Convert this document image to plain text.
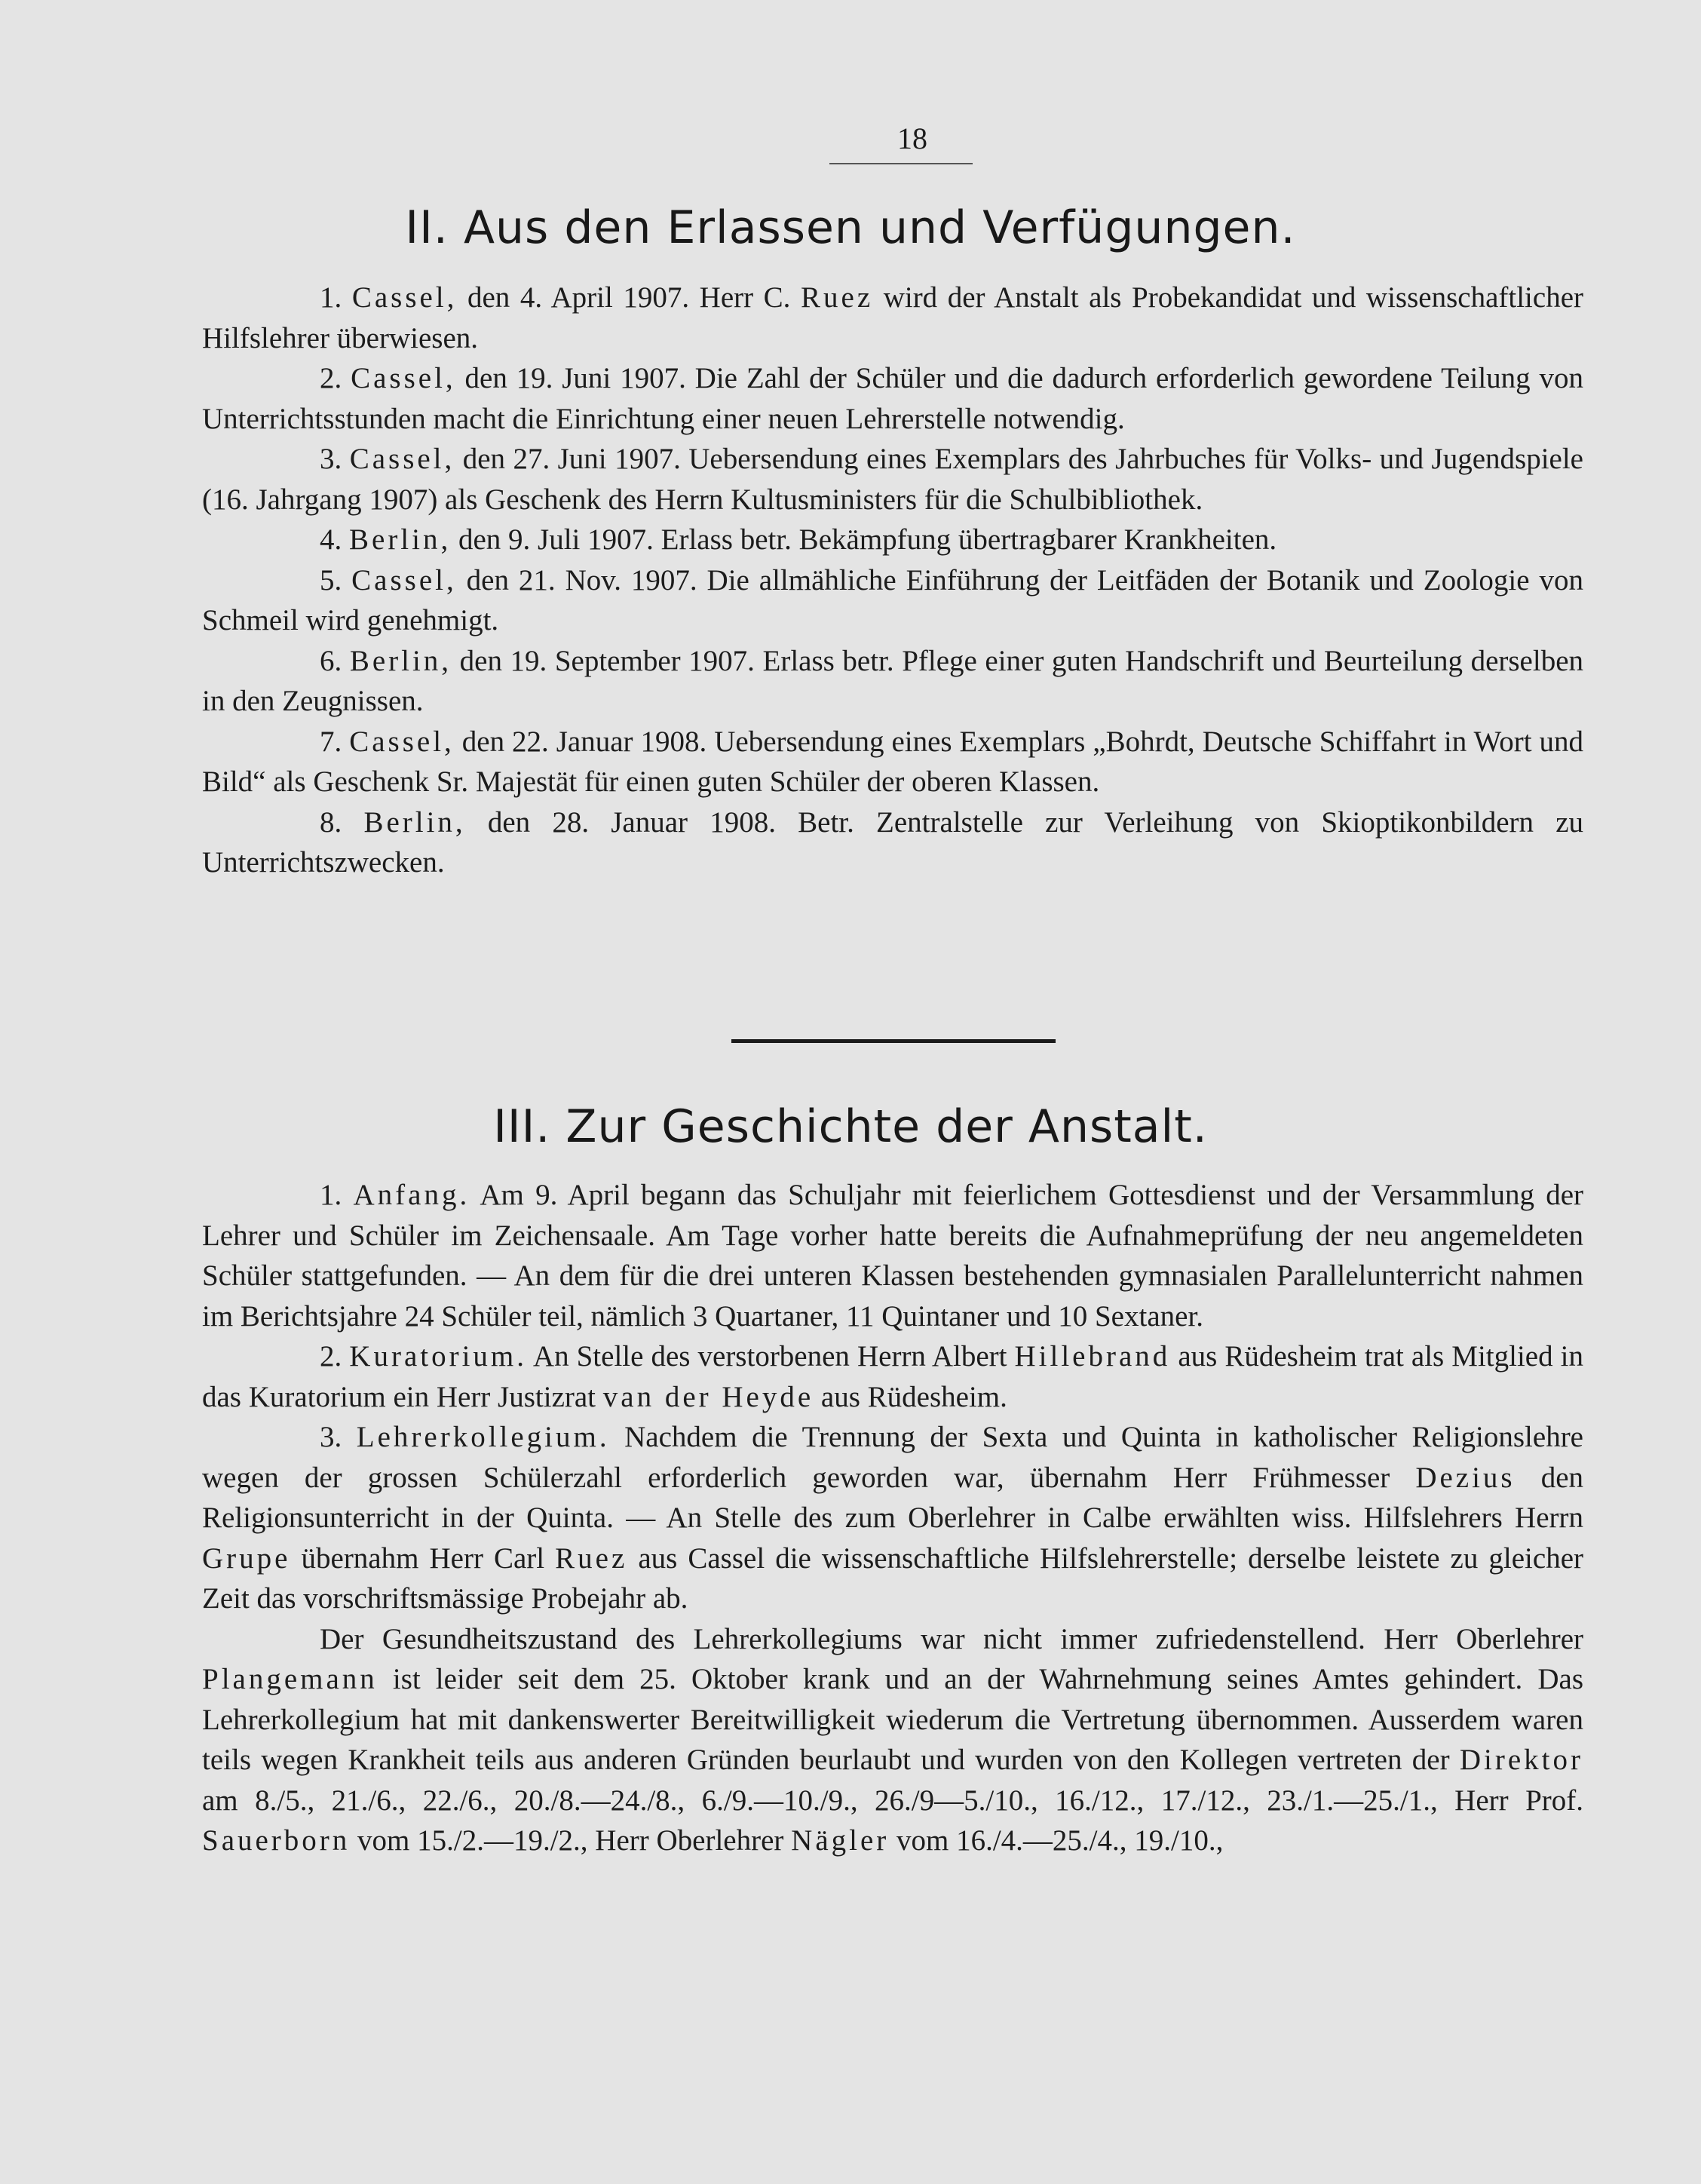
18
II. Aus den Erlassen und Verfügungen.

1. Cassel, den 4. April 1907. Herr C. Ruez wird der Anstalt als Probekandidat und wissenschaftlicher Hilfslehrer überwiesen.

2. Cassel, den 19. Juni 1907. Die Zahl der Schüler und die dadurch erforderlich gewordene Teilung von Unterrichtsstunden macht die Einrichtung einer neuen Lehrerstelle notwendig.

3. Cassel, den 27. Juni 1907. Uebersendung eines Exemplars des Jahrbuches für Volks- und Jugendspiele (16. Jahrgang 1907) als Geschenk des Herrn Kultusministers für die Schulbibliothek.

4. Berlin, den 9. Juli 1907. Erlass betr. Bekämpfung übertragbarer Krankheiten.

5. Cassel, den 21. Nov. 1907. Die allmähliche Einführung der Leitfäden der Botanik und Zoologie von Schmeil wird genehmigt.

6. Berlin, den 19. September 1907. Erlass betr. Pflege einer guten Handschrift und Beurteilung derselben in den Zeugnissen.

7. Cassel, den 22. Januar 1908. Uebersendung eines Exemplars „Bohrdt, Deutsche Schiffahrt in Wort und Bild“ als Geschenk Sr. Majestät für einen guten Schüler der oberen Klassen.

8. Berlin, den 28. Januar 1908. Betr. Zentralstelle zur Verleihung von Skioptikonbildern zu Unterrichtszwecken.

III. Zur Geschichte der Anstalt.

1. Anfang. Am 9. April begann das Schuljahr mit feierlichem Gottesdienst und der Versammlung der Lehrer und Schüler im Zeichensaale. Am Tage vorher hatte bereits die Aufnahmeprüfung der neu angemeldeten Schüler stattgefunden. — An dem für die drei unteren Klassen bestehenden gymnasialen Parallelunterricht nahmen im Berichtsjahre 24 Schüler teil, nämlich 3 Quartaner, 11 Quintaner und 10 Sextaner.

2. Kuratorium. An Stelle des verstorbenen Herrn Albert Hillebrand aus Rüdesheim trat als Mitglied in das Kuratorium ein Herr Justizrat van der Heyde aus Rüdesheim.

3. Lehrerkollegium. Nachdem die Trennung der Sexta und Quinta in katholischer Religionslehre wegen der grossen Schülerzahl erforderlich geworden war, übernahm Herr Frühmesser Dezius den Religionsunterricht in der Quinta. — An Stelle des zum Oberlehrer in Calbe erwählten wiss. Hilfslehrers Herrn Grupe übernahm Herr Carl Ruez aus Cassel die wissenschaftliche Hilfslehrerstelle; derselbe leistete zu gleicher Zeit das vorschriftsmässige Probejahr ab.

Der Gesundheitszustand des Lehrerkollegiums war nicht immer zufriedenstellend. Herr Oberlehrer Plangemann ist leider seit dem 25. Oktober krank und an der Wahrnehmung seines Amtes gehindert. Das Lehrerkollegium hat mit dankenswerter Bereitwilligkeit wiederum die Vertretung übernommen. Ausserdem waren teils wegen Krankheit teils aus anderen Gründen beurlaubt und wurden von den Kollegen vertreten der Direktor am 8./5., 21./6., 22./6., 20./8.—24./8., 6./9.—10./9., 26./9—5./10., 16./12., 17./12., 23./1.—25./1., Herr Prof. Sauerborn vom 15./2.—19./2., Herr Oberlehrer Nägler vom 16./4.—25./4., 19./10.,
